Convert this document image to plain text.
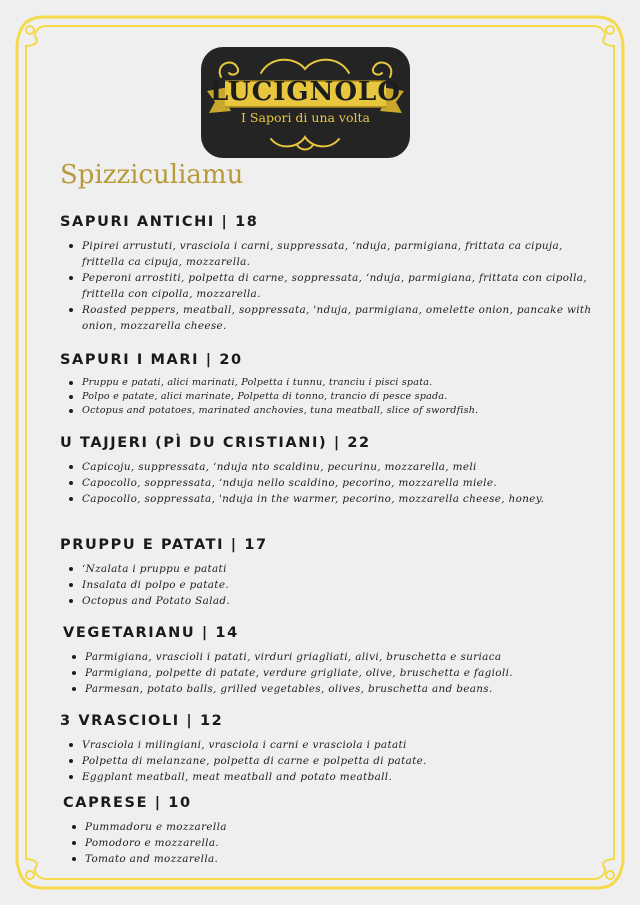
LUCIGNOLO
I Sapori di una volta
Spizziculiamu
SAPURI ANTICHI | 18
Pipirei arrustuti, vrasciola i carni, suppressata, ‘nduja, parmigiana, frittata ca cipuja, frittella ca cipuja, mozzarella.
Peperoni arrostiti, polpetta di carne, soppressata, ‘nduja, parmigiana, frittata con cipolla, frittella con cipolla, mozzarella.
Roasted peppers, meatball, soppressata, 'nduja, parmigiana, omelette onion, pancake with onion, mozzarella cheese.
SAPURI I MARI | 20
Pruppu e patati, alici marinati, Polpetta i tunnu, tranciu i pisci spata.
Polpo e patate, alici marinate, Polpetta di tonno, trancio di pesce spada.
Octopus and potatoes, marinated anchovies, tuna meatball, slice of swordfish.
U TAJJERI (PÌ DU CRISTIANI) | 22
Capicoju, suppressata, ‘nduja nto scaldinu, pecurinu, mozzarella, meli
Capocollo, soppressata, ‘nduja nello scaldino, pecorino, mozzarella miele.
Capocollo, soppressata, 'nduja in the warmer, pecorino, mozzarella cheese, honey.
PRUPPU E PATATI | 17
‘Nzalata i pruppu e patati
Insalata di polpo e patate.
Octopus and Potato Salad.
VEGETARIANU | 14
Parmigiana, vrascioli i patati, virduri griagliati, alivi, bruschetta e suriaca
Parmigiana, polpette di patate, verdure grigliate, olive, bruschetta e fagioli.
Parmesan, potato balls, grilled vegetables, olives, bruschetta and beans.
3 VRASCIOLI | 12
Vrasciola i milingiani, vrasciola i carni e vrasciola i patati
Polpetta di melanzane, polpetta di carne e polpetta di patate.
Eggplant meatball, meat meatball and potato meatball.
CAPRESE | 10
Pummadoru e mozzarella
Pomodoro e mozzarella.
Tomato and mozzarella.
